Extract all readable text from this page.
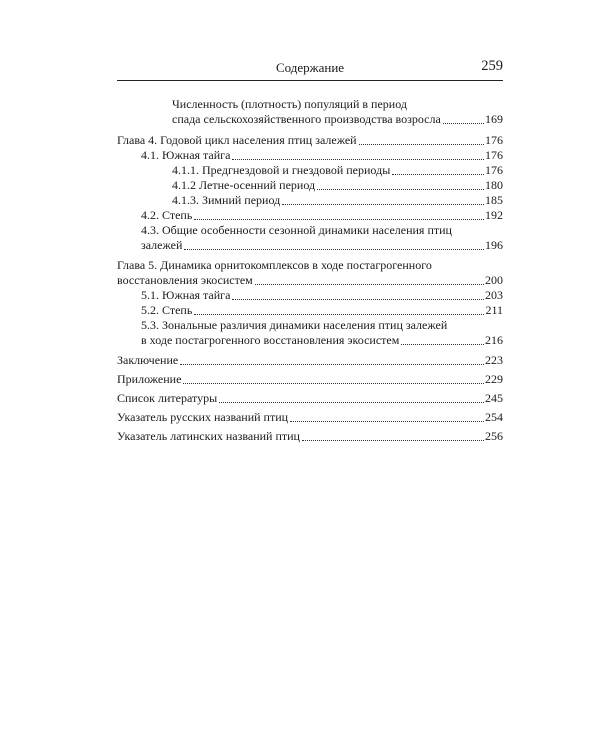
Содержание	259
Численность (плотность) популяций в период
спада сельскохозяйственного производства возросла	169
Глава 4. Годовой цикл населения птиц залежей	176
4.1. Южная тайга	176
4.1.1. Предгнездовой и гнездовой периоды	176
4.1.2 Летне-осенний период	180
4.1.3. Зимний период	185
4.2. Степь	192
4.3. Общие особенности сезонной динамики населения птиц
залежей	196
Глава 5. Динамика орнитокомплексов в ходе постагрогенного
восстановления экосистем	200
5.1. Южная тайга	203
5.2. Степь	211
5.3. Зональные различия динамики населения птиц залежей
в ходе постагрогенного восстановления экосистем	216
Заключение	223
Приложение	229
Список литературы	245
Указатель русских названий птиц	254
Указатель латинских названий птиц	256
